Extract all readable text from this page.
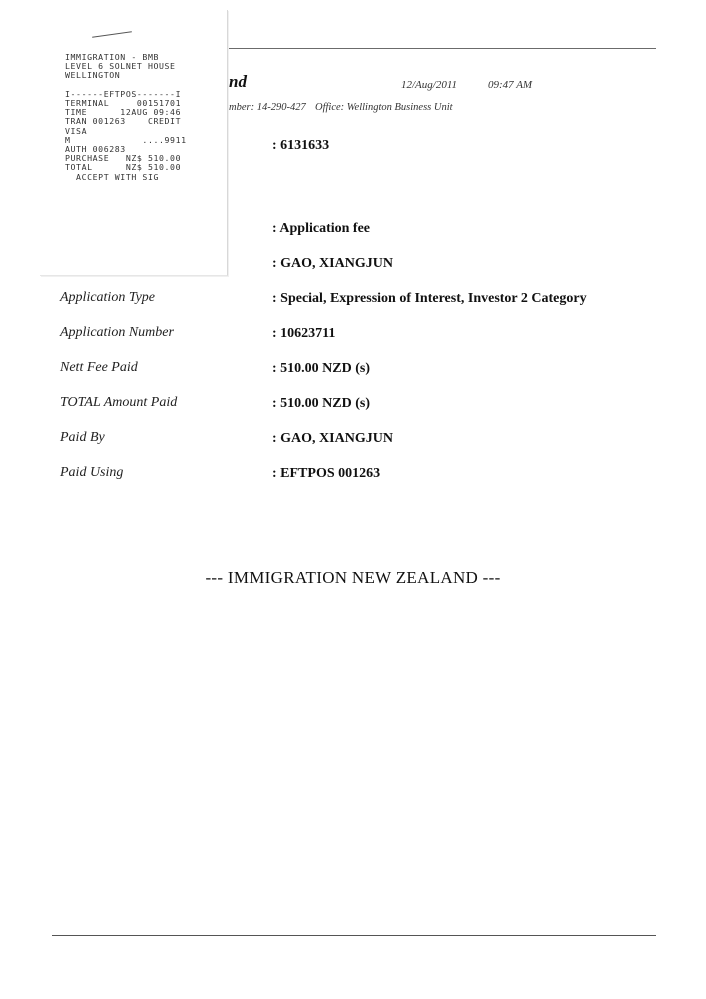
nd	12/Aug/2011	09:47 AM
mber: 14-290-427 Office: Wellington Business Unit
: 6131633
: Application fee
: GAO, XIANGJUN
Application Type	: Special, Expression of Interest, Investor 2 Category
Application Number	: 10623711
Nett Fee Paid	: 510.00 NZD (s)
TOTAL Amount Paid	: 510.00 NZD (s)
Paid By	: GAO, XIANGJUN
Paid Using	: EFTPOS 001263
--- IMMIGRATION NEW ZEALAND ---
IMMIGRATION - BMB
LEVEL 6 SOLNET HOUSE
WELLINGTON

I------EFTPOS-------I
TERMINAL     00151701
TIME      12AUG 09:46
TRAN 001263    CREDIT
VISA
M             ....9911
AUTH 006283
PURCHASE   NZ$ 510.00
TOTAL      NZ$ 510.00
ACCEPT WITH SIG
